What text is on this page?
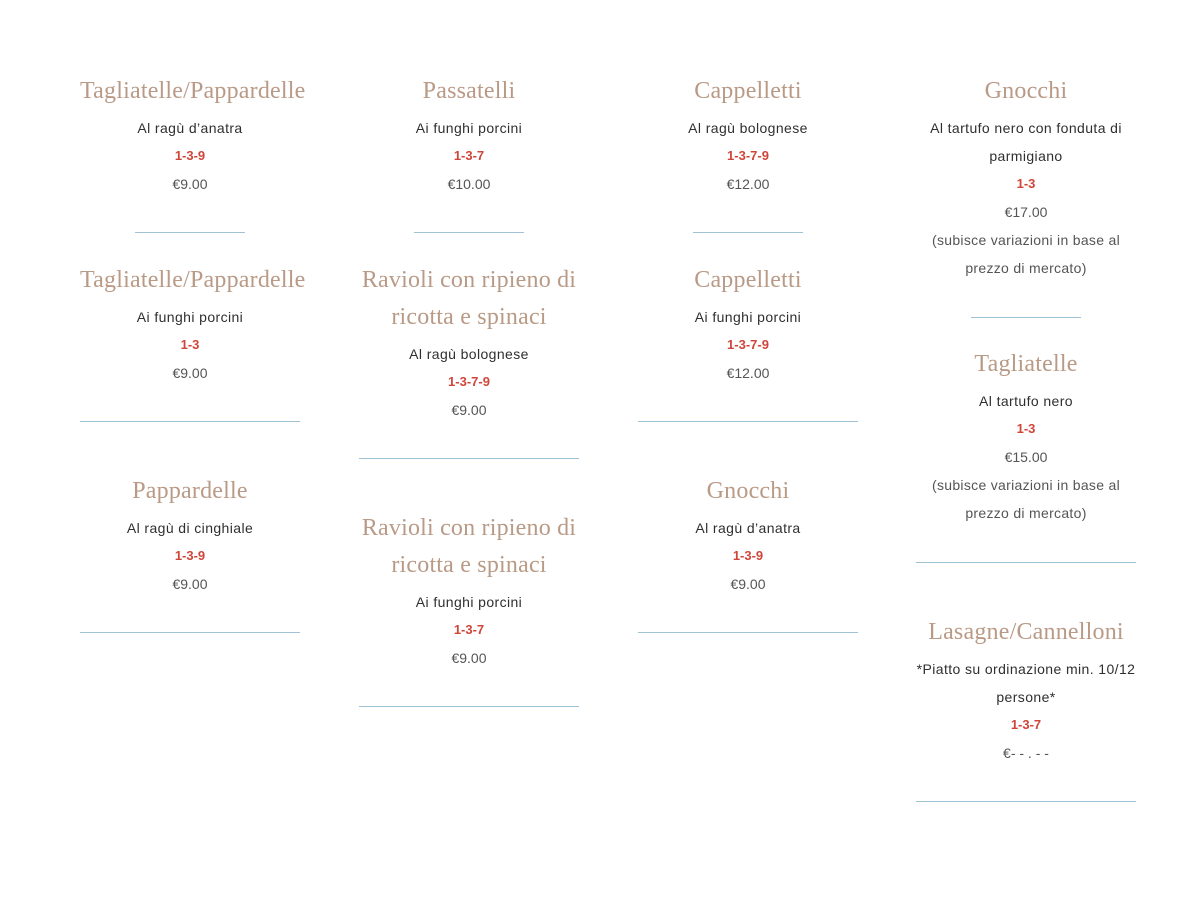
Tagliatelle/Pappardelle
Al ragù d’anatra
1-3-9
€9.00
Tagliatelle/Pappardelle
Ai funghi porcini
1-3
€9.00
Pappardelle
Al ragù di cinghiale
1-3-9
€9.00
Passatelli
Ai funghi porcini
1-3-7
€10.00
Ravioli con ripieno di ricotta e spinaci
Al ragù bolognese
1-3-7-9
€9.00
Ravioli con ripieno di ricotta e spinaci
Ai funghi porcini
1-3-7
€9.00
Cappelletti
Al ragù bolognese
1-3-7-9
€12.00
Cappelletti
Ai funghi porcini
1-3-7-9
€12.00
Gnocchi
Al ragù d’anatra
1-3-9
€9.00
Gnocchi
Al tartufo nero con fonduta di parmigiano
1-3
€17.00
(subisce variazioni in base al prezzo di mercato)
Tagliatelle
Al tartufo nero
1-3
€15.00
(subisce variazioni in base al prezzo di mercato)
Lasagne/Cannelloni
*Piatto su ordinazione min. 10/12 persone*
1-3-7
€- - . - -
